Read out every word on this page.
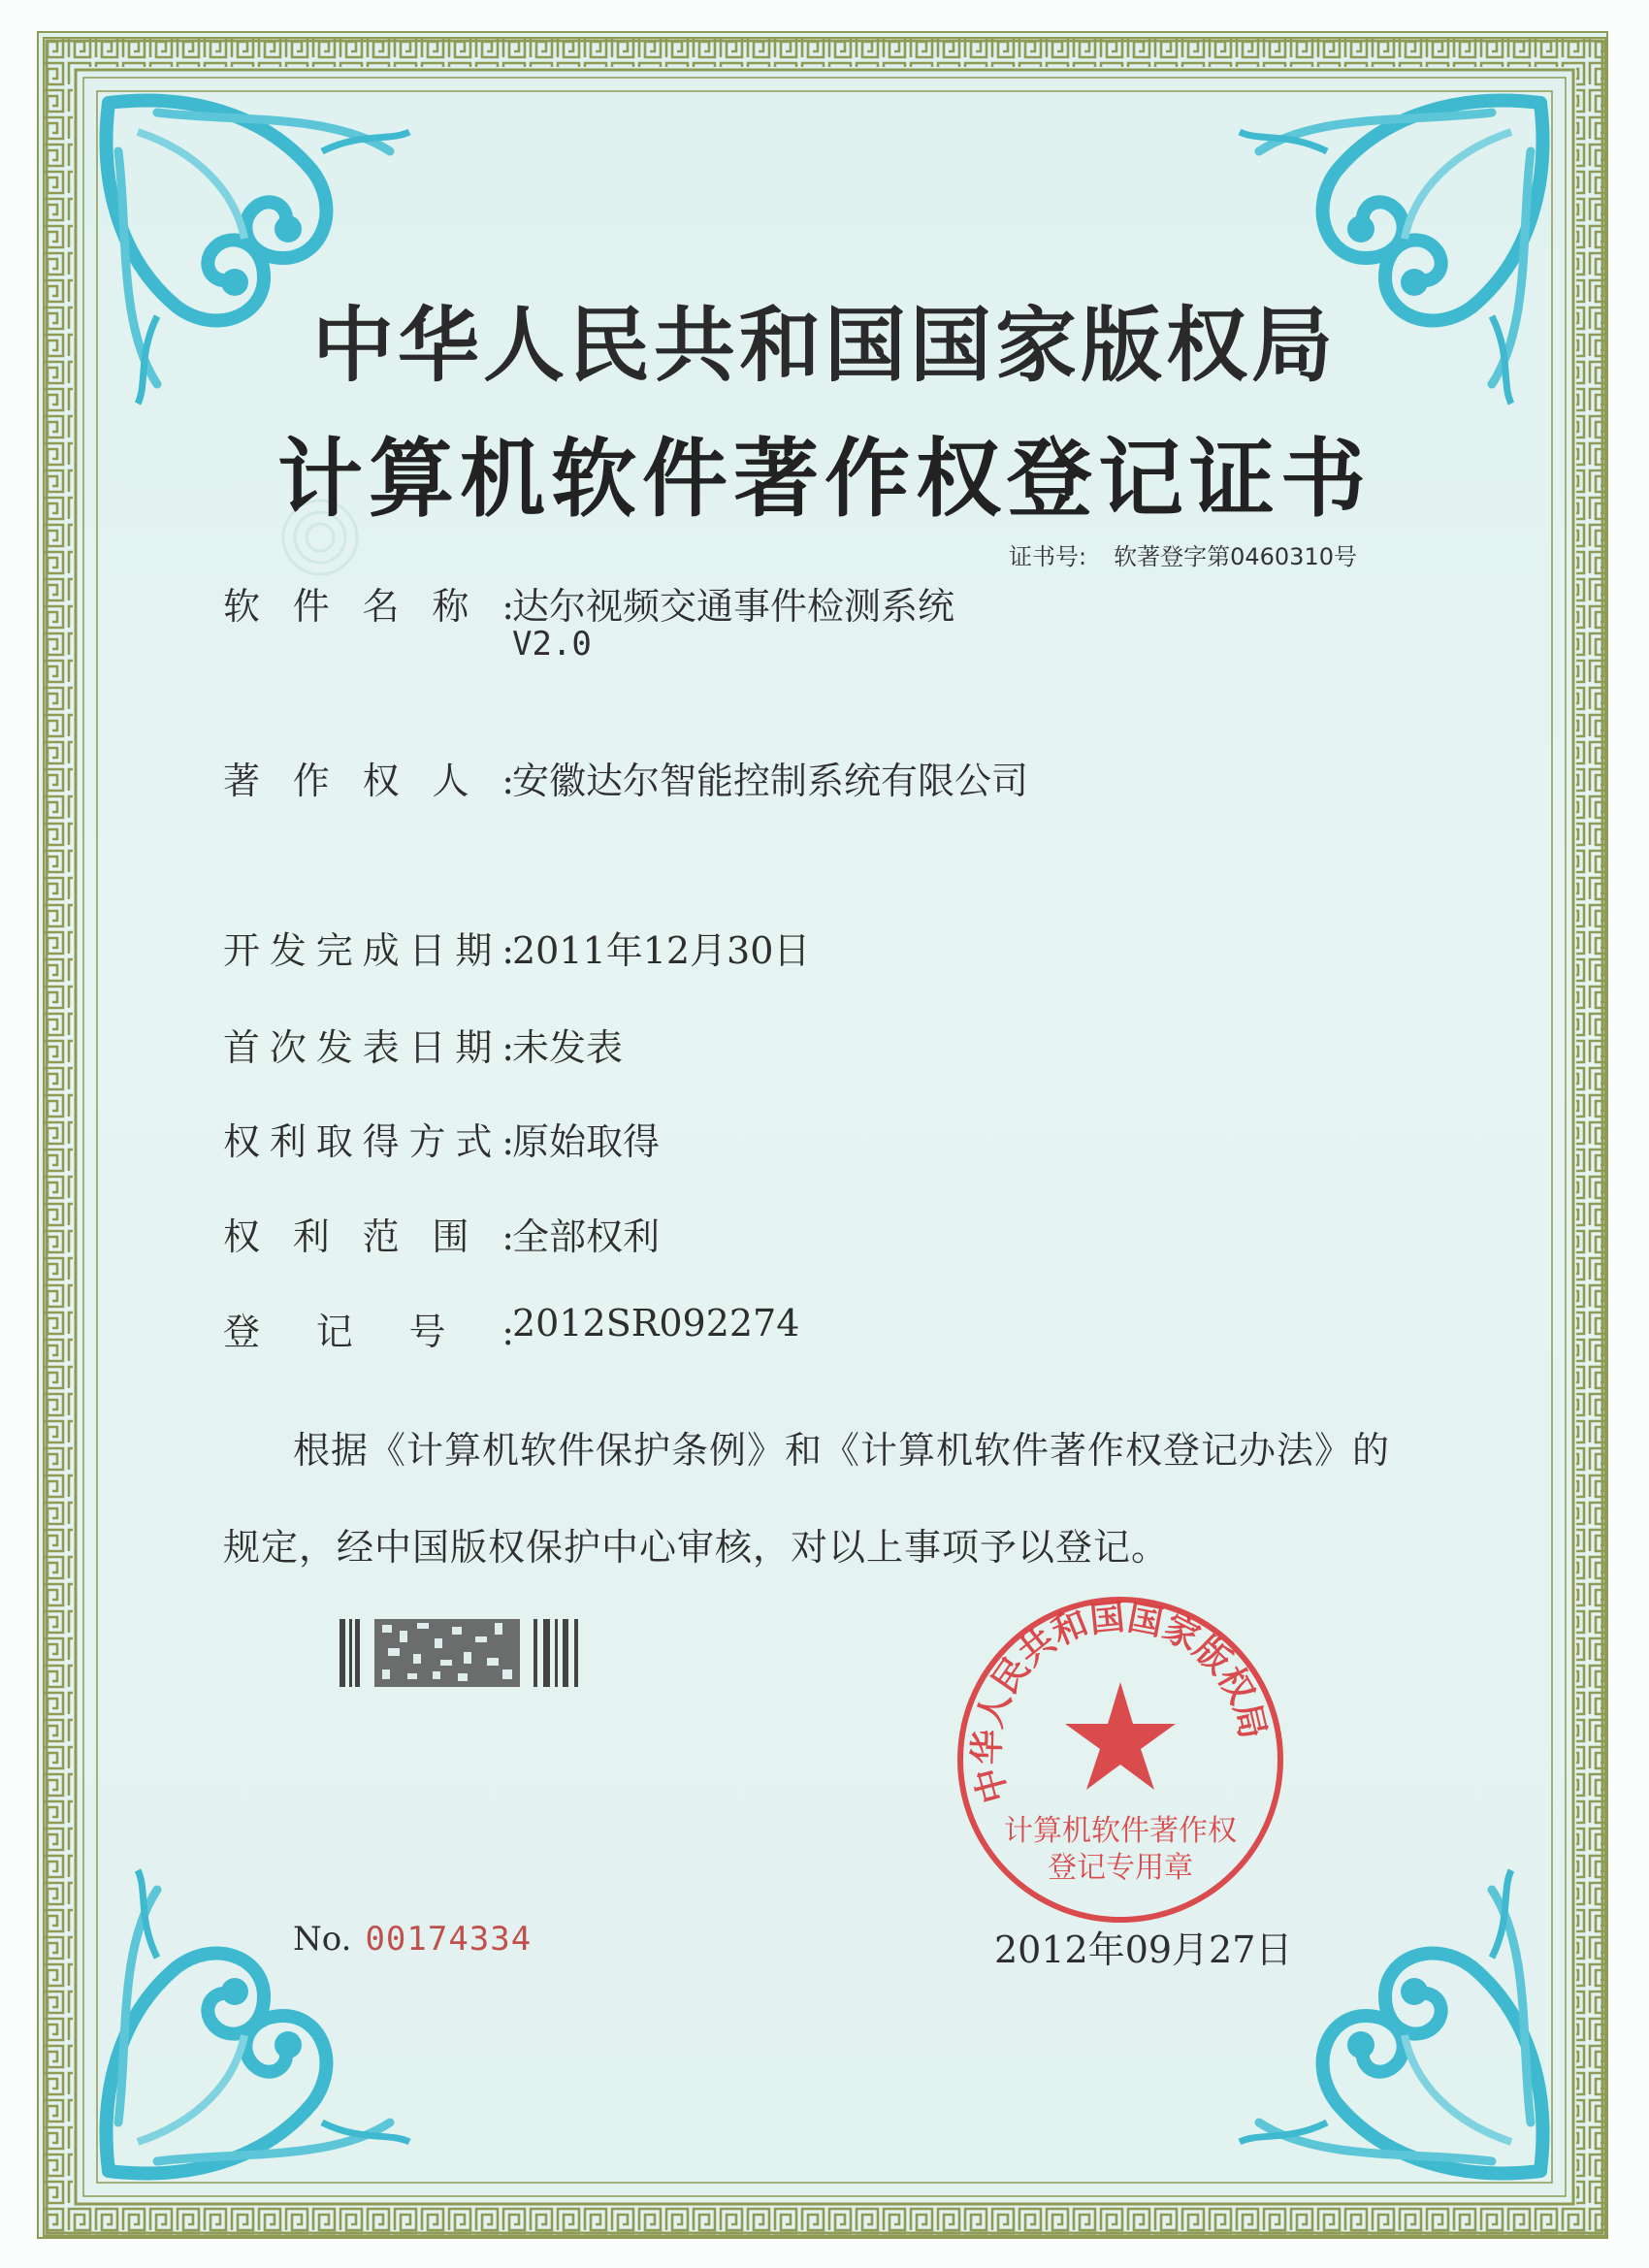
中华人民共和国国家版权局
计算机软件著作权登记证书
证书号: 软著登字第0460310号
软件名称:
达尔视频交通事件检测系统
V2.0
著作权人:
安徽达尔智能控制系统有限公司
开发完成日期:
2011年12月30日
首次发表日期:
未发表
权利取得方式:
原始取得
权利范围:
全部权利
登记号:
2012SR092274
根据《计算机软件保护条例》和《计算机软件著作权登记办法》的
规定，经中国版权保护中心审核，对以上事项予以登记。
中华人民共和国国家版权局
计算机软件著作权
登记专用章
No. 00174334	2012年09月27日
